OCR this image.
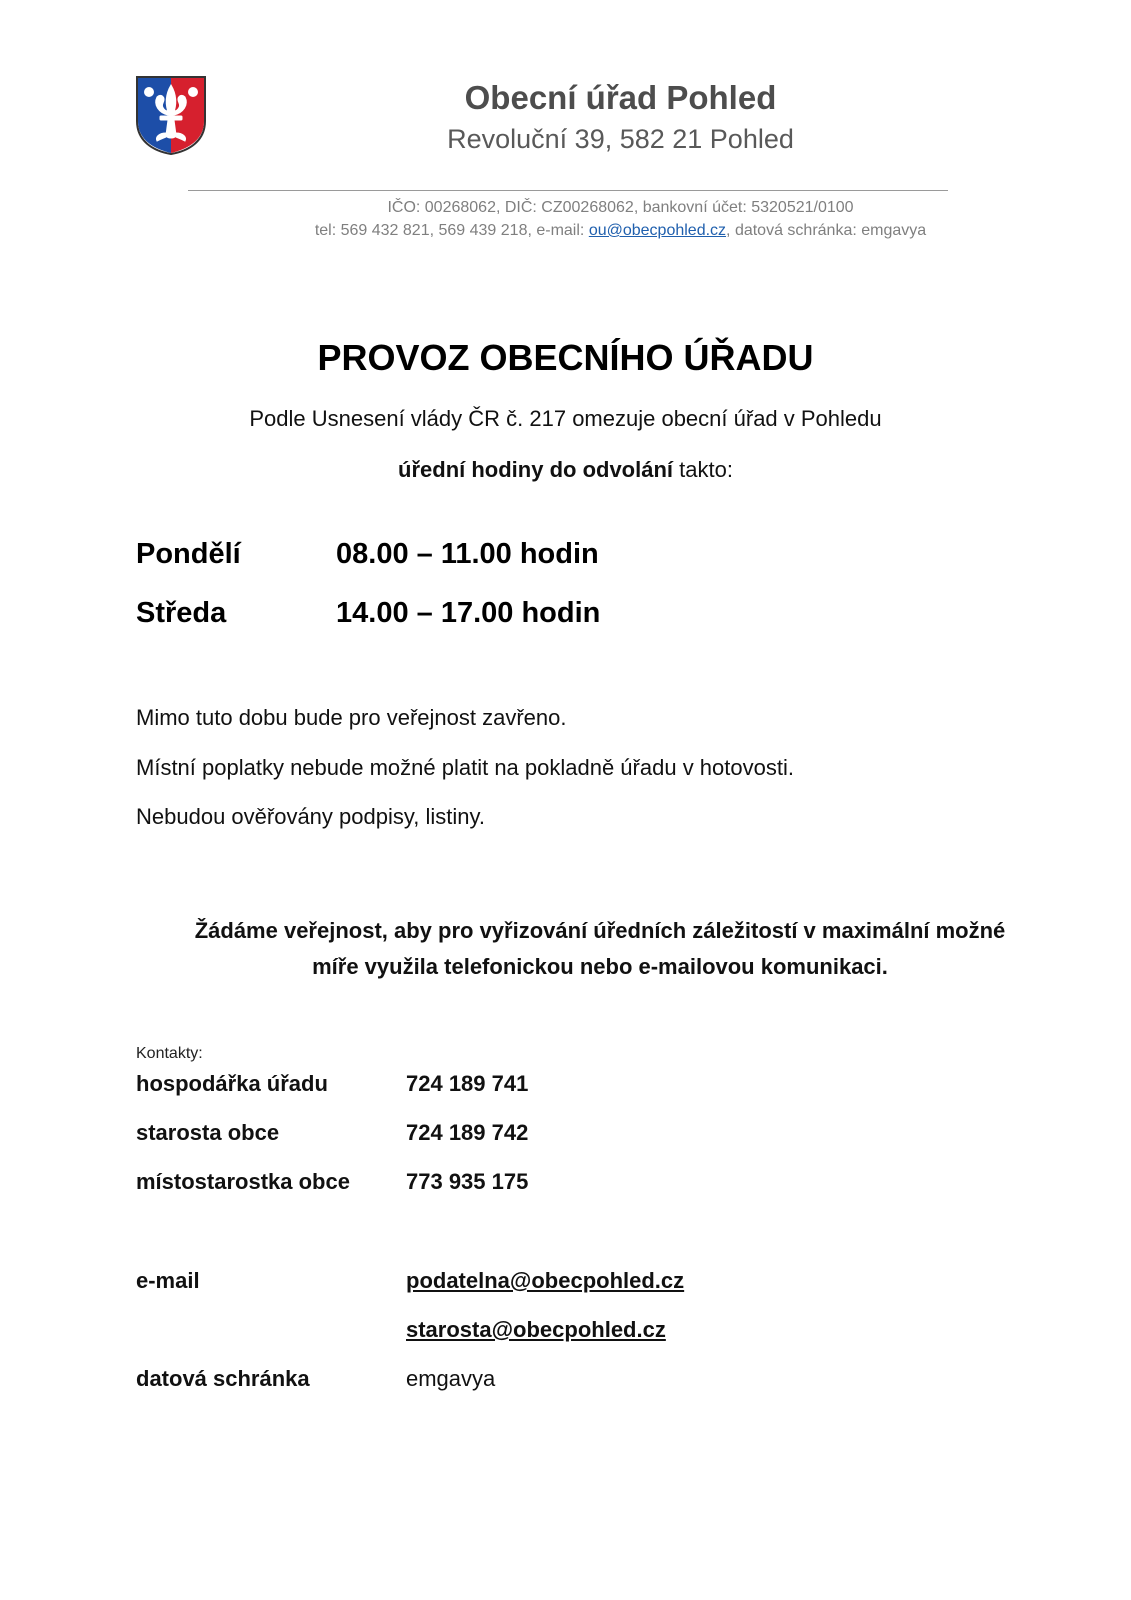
Obecní úřad Pohled
Revoluční 39, 582 21 Pohled
IČO: 00268062, DIČ: CZ00268062, bankovní účet: 5320521/0100
tel: 569 432 821, 569 439 218, e-mail: ou@obecpohled.cz, datová schránka: emgavya
PROVOZ OBECNÍHO ÚŘADU
Podle Usnesení vlády ČR č. 217 omezuje obecní úřad v Pohledu
úřední hodiny do odvolání takto:
Pondělí	08.00 – 11.00 hodin
Středa	14.00 – 17.00 hodin
Mimo tuto dobu bude pro veřejnost zavřeno.
Místní poplatky nebude možné platit na pokladně úřadu v hotovosti.
Nebudou ověřovány podpisy, listiny.
Žádáme veřejnost, aby pro vyřizování úředních záležitostí v maximální možné
míře využila telefonickou nebo e-mailovou komunikaci.
Kontakty:
hospodářka úřadu	724 189 741
starosta obce	724 189 742
místostarostka obce	773 935 175
e-mail	podatelna@obecpohled.cz
starosta@obecpohled.cz
datová schránka	emgavya
